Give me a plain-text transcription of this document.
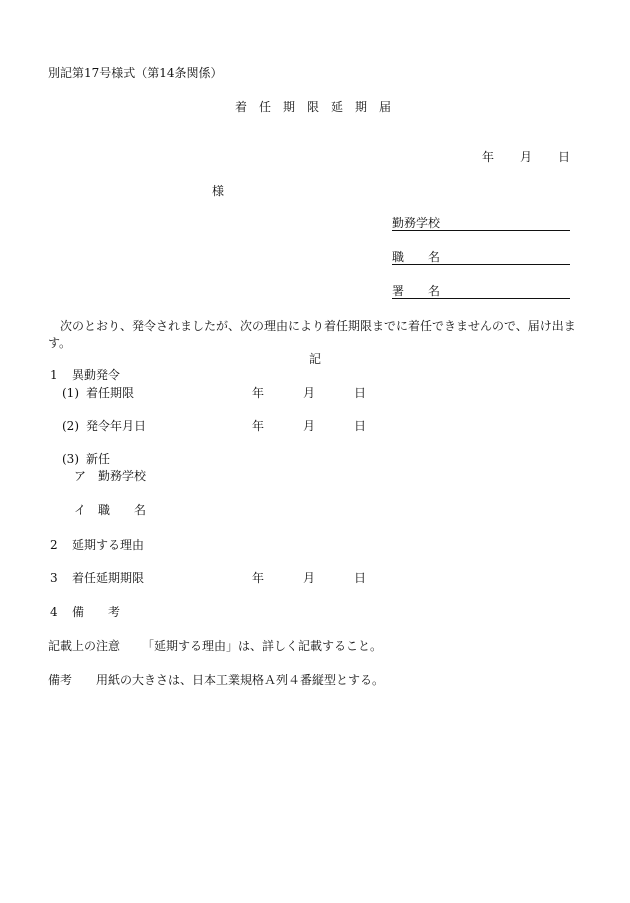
別記第17号様式（第14条関係）
着　任　期　限　延　期　届
年 月 日
様
勤務学校
職　　名
署　　名
　次のとおり、発令されましたが、次の理由により着任期限までに着任できませんので、届け出ます。
記
1 異動発令
(1) 着任期限	年	月	日
(2) 発令年月日	年	月	日
(3) 新任
ア 勤務学校
イ 職　　名
2 延期する理由
3 着任延期期限	年	月	日
4 備　　考
記載上の注意 「延期する理由」は、詳しく記載すること。
備考 用紙の大きさは、日本工業規格Ａ列４番縦型とする。
